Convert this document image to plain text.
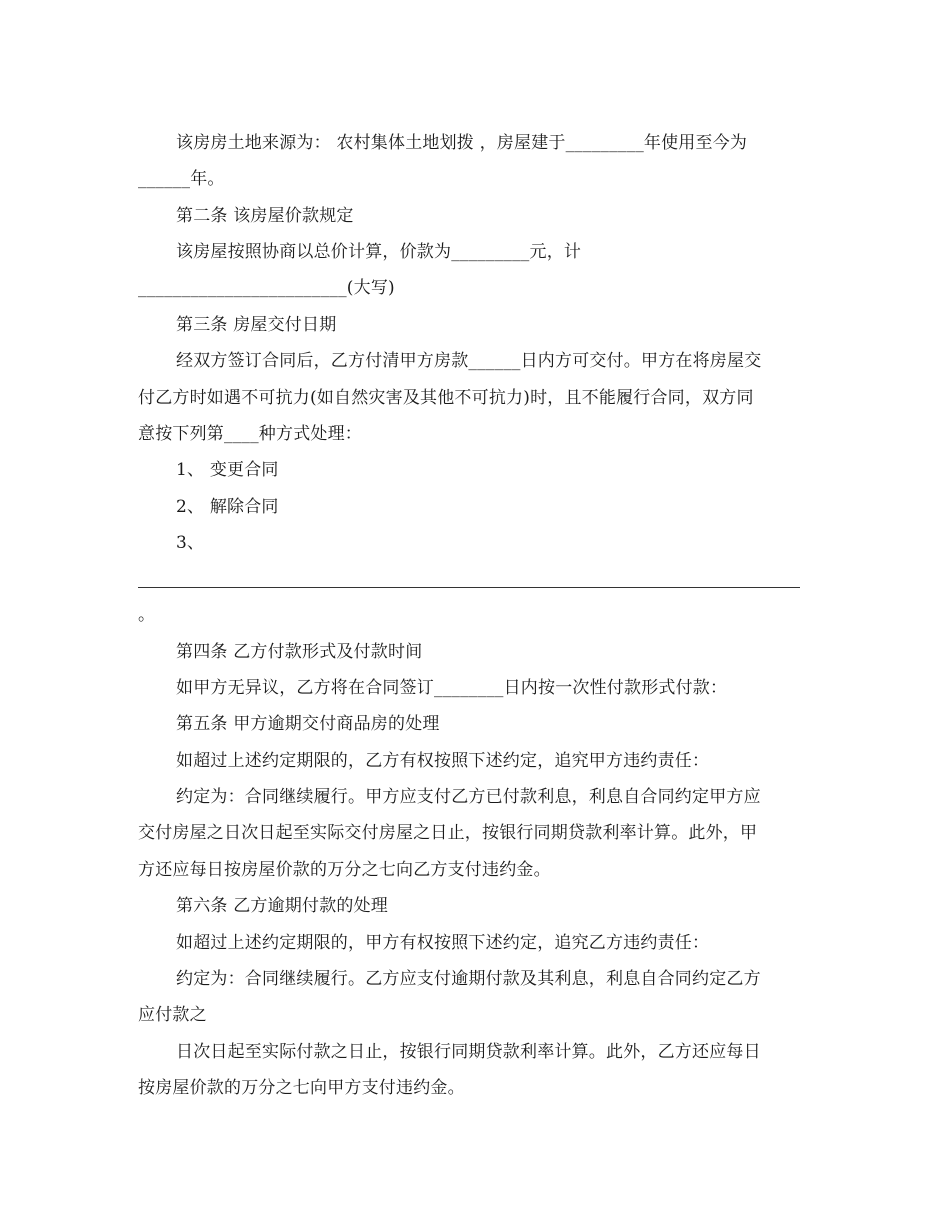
该房房土地来源为： 农村集体土地划拨 ，房屋建于_________年使用至今为
______年。
第二条 该房屋价款规定
该房屋按照协商以总价计算，价款为_________元，计
________________________(大写)
第三条 房屋交付日期
经双方签订合同后，乙方付清甲方房款______日内方可交付。甲方在将房屋交
付乙方时如遇不可抗力(如自然灾害及其他不可抗力)时，且不能履行合同，双方同
意按下列第____种方式处理：
1、 变更合同
2、 解除合同
3、
。
第四条 乙方付款形式及付款时间
如甲方无异议，乙方将在合同签订________日内按一次性付款形式付款：
第五条 甲方逾期交付商品房的处理
如超过上述约定期限的，乙方有权按照下述约定，追究甲方违约责任：
约定为：合同继续履行。甲方应支付乙方已付款利息，利息自合同约定甲方应
交付房屋之日次日起至实际交付房屋之日止，按银行同期贷款利率计算。此外，甲
方还应每日按房屋价款的万分之七向乙方支付违约金。
第六条 乙方逾期付款的处理
如超过上述约定期限的，甲方有权按照下述约定，追究乙方违约责任：
约定为：合同继续履行。乙方应支付逾期付款及其利息，利息自合同约定乙方
应付款之
日次日起至实际付款之日止，按银行同期贷款利率计算。此外，乙方还应每日
按房屋价款的万分之七向甲方支付违约金。
